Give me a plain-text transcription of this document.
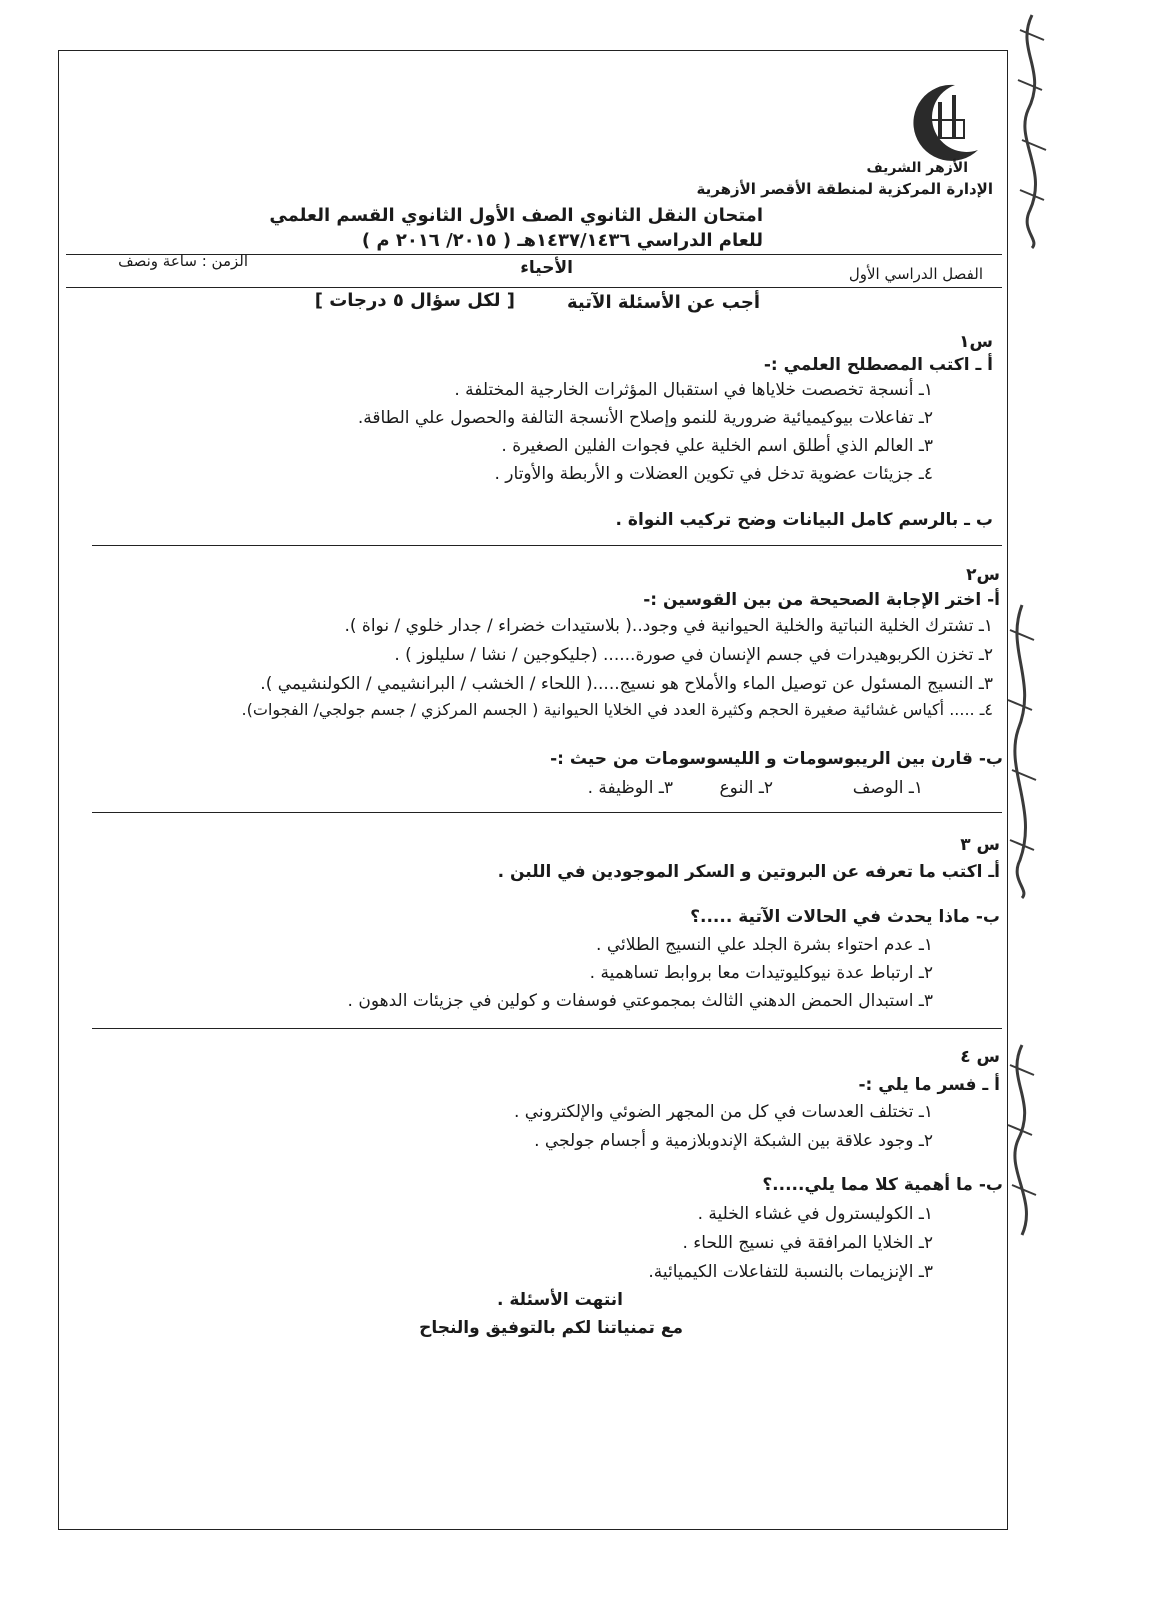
الأزهر الشريف
الإدارة المركزية لمنطقة الأقصر الأزهرية
امتحان النقل الثانوي الصف الأول الثانوي القسم العلمي
للعام الدراسي ١٤٣٧/١٤٣٦هـ ( ٢٠١٥/ ٢٠١٦ م )
الزمن : ساعة ونصف	الأحياء	الفصل الدراسي الأول
أجب عن الأسئلة الآتية
[ لكل سؤال ٥ درجات ]
س١
أ ـ اكتب المصطلح العلمي :-
١ـ أنسجة تخصصت خلاياها في استقبال المؤثرات الخارجية المختلفة .
٢ـ تفاعلات بيوكيميائية ضرورية للنمو وإصلاح الأنسجة التالفة والحصول علي الطاقة.
٣ـ العالم الذي أطلق اسم الخلية علي فجوات الفلين الصغيرة .
٤ـ جزيئات عضوية تدخل في تكوين العضلات و الأربطة والأوتار .
ب ـ بالرسم كامل البيانات وضح تركيب النواة .
س٢
أ- اختر الإجابة الصحيحة من بين القوسين :-
١ـ تشترك الخلية النباتية والخلية الحيوانية في وجود..( بلاستيدات خضراء / جدار خلوي / نواة ).
٢ـ تخزن الكربوهيدرات في جسم الإنسان في صورة...... (جليكوجين / نشا / سليلوز ) .
٣ـ النسيج المسئول عن توصيل الماء والأملاح هو نسيج.....( اللحاء / الخشب / البرانشيمي / الكولنشيمي ).
٤ـ ..... أكياس غشائية صغيرة الحجم وكثيرة العدد في الخلايا الحيوانية ( الجسم المركزي / جسم جولجي/ الفجوات).
ب- قارن بين الريبوسومات و الليسوسومات من حيث :-
١ـ الوصف
٢ـ النوع
٣ـ الوظيفة .
س ٣
أـ اكتب ما تعرفه عن البروتين و السكر الموجودين في اللبن .
ب- ماذا يحدث في الحالات الآتية .....؟
١ـ عدم احتواء بشرة الجلد علي النسيج الطلائي .
٢ـ ارتباط عدة نيوكليوتيدات معا بروابط تساهمية .
٣ـ استبدال الحمض الدهني الثالث بمجموعتي فوسفات و كولين في جزيئات الدهون .
س ٤
أ ـ فسر ما يلي :-
١ـ تختلف العدسات في كل من المجهر الضوئي والإلكتروني .
٢ـ وجود علاقة بين الشبكة الإندوبلازمية و أجسام جولجي .
ب- ما أهمية كلا مما يلي.....؟
١ـ الكوليسترول في غشاء الخلية .
٢ـ الخلايا المرافقة في نسيج اللحاء .
٣ـ الإنزيمات بالنسبة للتفاعلات الكيميائية.
انتهت الأسئلة .
مع تمنياتنا لكم بالتوفيق والنجاح
